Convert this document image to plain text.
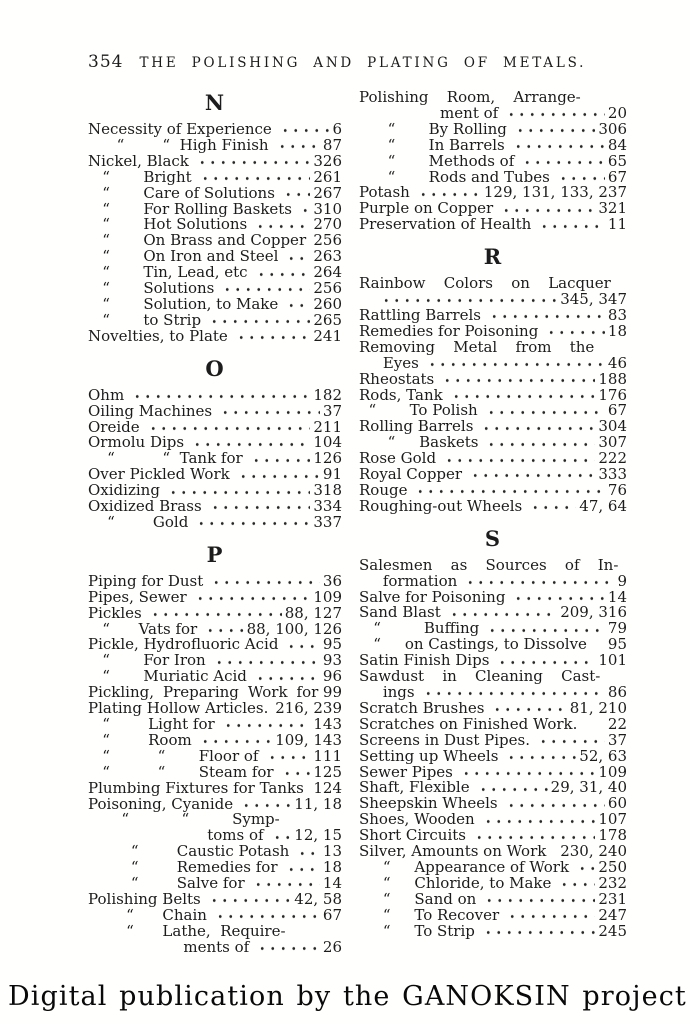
354 THE POLISHING AND PLATING OF METALS.
N
Necessity of Experience	6
“        “  High Finish	87
Nickel, Black	326
“       Bright	261
“       Care of Solutions	267
“       For Rolling Baskets 310
“       Hot Solutions	270
“       On Brass and Copper 256
“       On Iron and Steel 263
“       Tin, Lead, etc	264
“       Solutions	256
“       Solution, to Make 260
“       to Strip	265
Novelties, to Plate	241
O
Ohm	182
Oiling Machines	37
Oreide	211
Ormolu Dips	104
“          “  Tank for	126
Over Pickled Work	91
Oxidizing	318
Oxidized Brass	334
“        Gold	337
P
Piping for Dust	36
Pipes, Sewer	109
Pickles	88, 127
“      Vats for	88, 100, 126
Pickle, Hydrofluoric Acid	95
“       For Iron	93
“       Muriatic Acid	96
Pickling, Preparing Work for 99
Plating Hollow Articles. 216, 239
“        Light for	143
“        Room	109, 143
“          “       Floor of	111
“          “       Steam for	125
Plumbing Fixtures for Tanks 124
Poisoning, Cyanide	11, 18
“           “         Symp-
toms of 12, 15
“        Caustic Potash 13
“        Remedies for	18
“        Salve for	14
Polishing Belts	42, 58
“      Chain	67
“      Lathe,  Require-
ments of	26
Polishing Room, Arrange-
ment of	20
“       By Rolling	306
“       In Barrels	84
“       Methods of	65
“       Rods and Tubes	67
Potash	129, 131, 133, 237
Purple on Copper	321
Preservation of Health	11
R
Rainbow Colors on Lacquer

345, 347
Rattling Barrels	83
Remedies for Poisoning	18
Removing Metal from the
Eyes	46
Rheostats	188
Rods, Tank	176
“       To Polish	67
Rolling Barrels	304
“     Baskets	307
Rose Gold	222
Royal Copper	333
Rouge	76
Roughing-out Wheels	47, 64
S
Salesmen as Sources of In-
formation	9
Salve for Poisoning	14
Sand Blast	209, 316
“         Buffing	79
“     on Castings, to Dissolve 95
Satin Finish Dips	101
Sawdust in Cleaning Cast-
ings	86
Scratch Brushes	81, 210
Scratches on Finished Work. 22
Screens in Dust Pipes.	37
Setting up Wheels	52, 63
Sewer Pipes	109
Shaft, Flexible	29, 31, 40
Sheepskin Wheels	60
Shoes, Wooden	107
Short Circuits	178
Silver, Amounts on Work 230, 240
“     Appearance of Work 250
“     Chloride, to Make	232
“     Sand on	231
“     To Recover	247
“     To Strip	245
Digital publication by the GANOKSIN project
